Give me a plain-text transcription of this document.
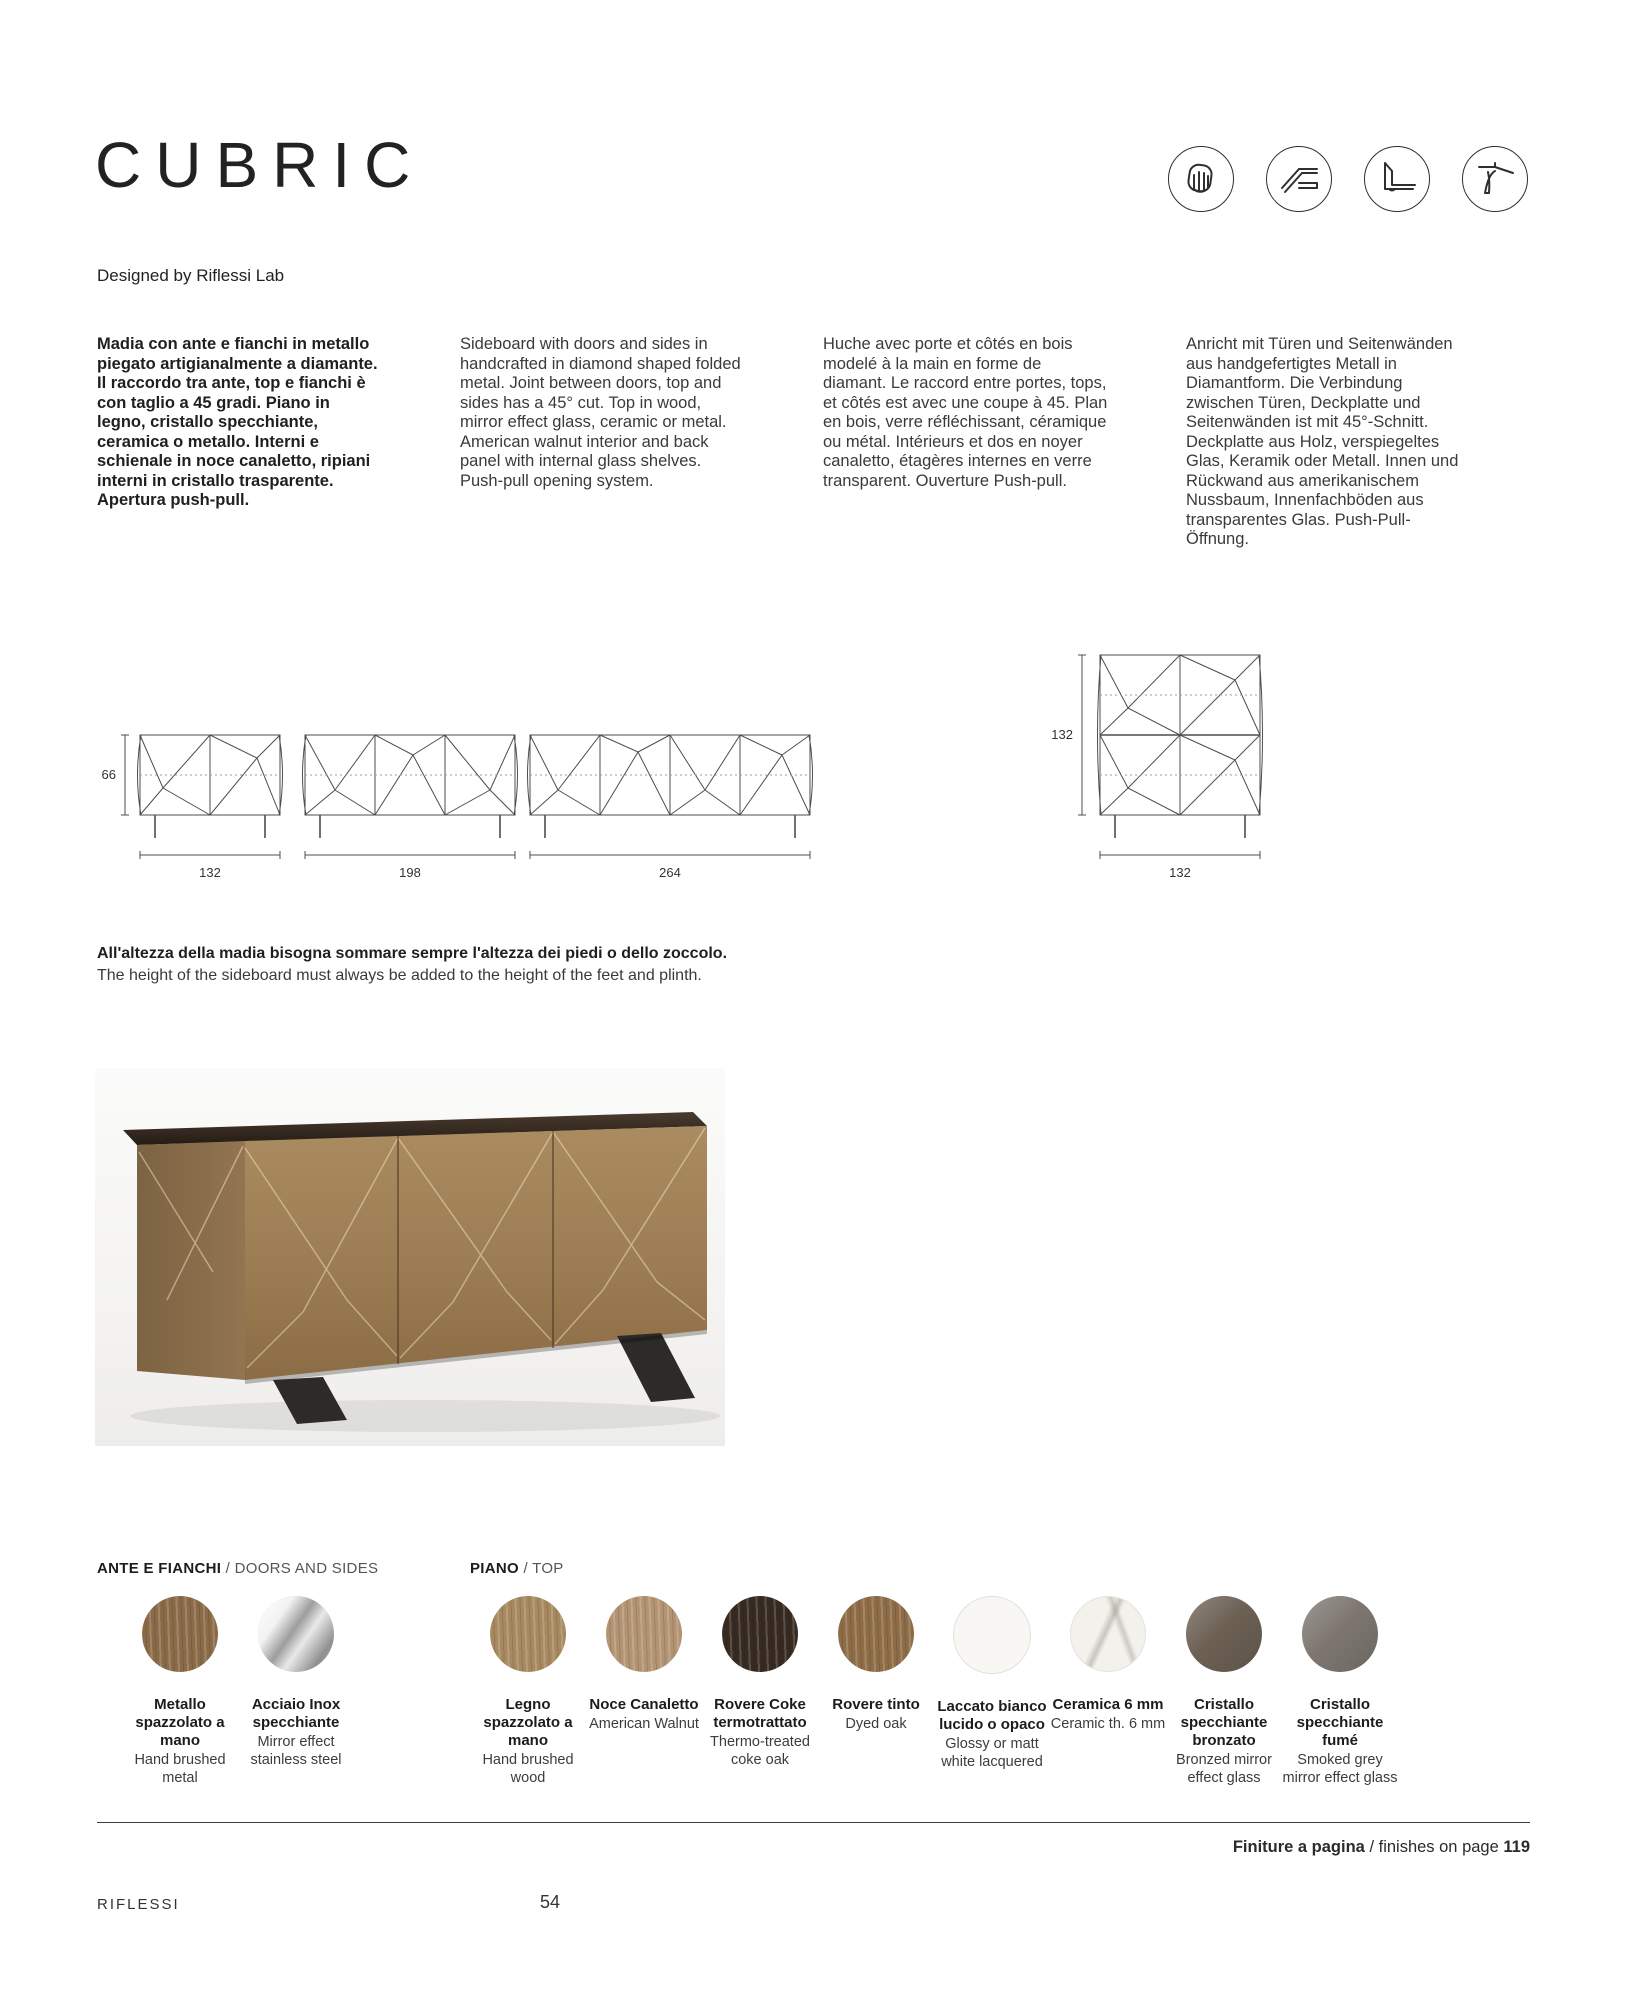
CUBRIC

Designed by Riflessi Lab

Madia con ante e fianchi in metallo piegato artigianalmente a diamante. Il raccordo tra ante, top e fianchi è con taglio a 45 gradi. Piano in legno, cristallo specchiante, ceramica o metallo. Interni e schienale in noce canaletto, ripiani interni in cristallo trasparente. Apertura push-pull.

Sideboard with doors and sides in handcrafted in diamond shaped folded metal. Joint between doors, top and sides has a 45° cut. Top in wood, mirror effect glass, ceramic or metal. American walnut interior and back panel with internal glass shelves. Push-pull opening system.

Huche avec porte et côtés en bois modelé à la main en forme de diamant. Le raccord entre portes, tops, et côtés est avec une coupe à 45. Plan en bois, verre réfléchissant, céramique ou métal. Intérieurs et dos en noyer canaletto, étagères internes en verre transparent. Ouverture Push-pull.

Anricht mit Türen und Seitenwänden aus handgefertigtes Metall in Diamantform. Die Verbindung zwischen Türen, Deckplatte und Seitenwänden ist mit 45°-Schnitt. Deckplatte aus Holz, verspiegeltes Glas, Keramik oder Metall. Innen und Rückwand aus amerikanischem Nussbaum, Innenfachböden aus transparentes Glas. Push-Pull-Öffnung.

66
132	198	264
132
132

All'altezza della madia bisogna sommare sempre l'altezza dei piedi o dello zoccolo.

The height of the sideboard must always be added to the height of the feet and plinth.

ANTE E FIANCHI / DOORS AND SIDES	PIANO / TOP
Metallo spazzolato a mano
Hand brushed metal
Acciaio Inox specchiante
Mirror effect stainless steel
Legno spazzolato a mano
Hand brushed wood
Noce Canaletto
American Walnut
Rovere Coke termotrattato
Thermo-treated coke oak
Rovere tinto
Dyed oak
Laccato bianco lucido o opaco
Glossy or matt white lacquered
Ceramica 6 mm
Ceramic th. 6 mm
Cristallo specchiante bronzato
Bronzed mirror effect glass
Cristallo specchiante fumé
Smoked grey mirror effect glass
Finiture a pagina / finishes on page 119
RIFLESSI	54
